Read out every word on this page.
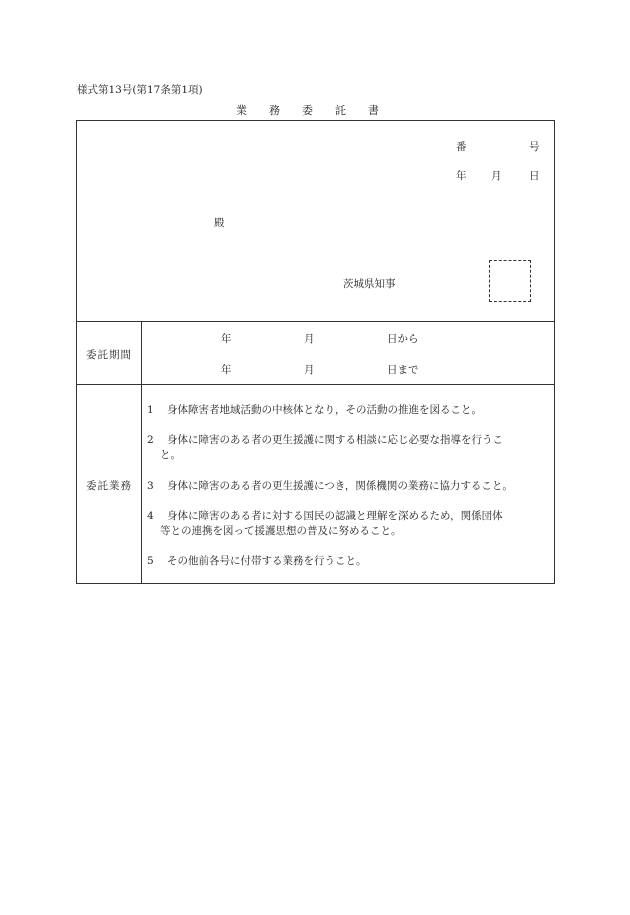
様式第13号(第17条第1項)
業 務 委 託 書
番	号
年 月	日
殿
茨城県知事
委託期間
年	月	日から
年	月	日まで
委託業務
1 身体障害者地域活動の中核体となり，その活動の推進を図ること。
2 身体に障害のある者の更生援護に関する相談に応じ必要な指導を行うこ
と。
3 身体に障害のある者の更生援護につき，関係機関の業務に協力すること。
4 身体に障害のある者に対する国民の認識と理解を深めるため，関係団体
等との連携を図って援護思想の普及に努めること。
5 その他前各号に付帯する業務を行うこと。
